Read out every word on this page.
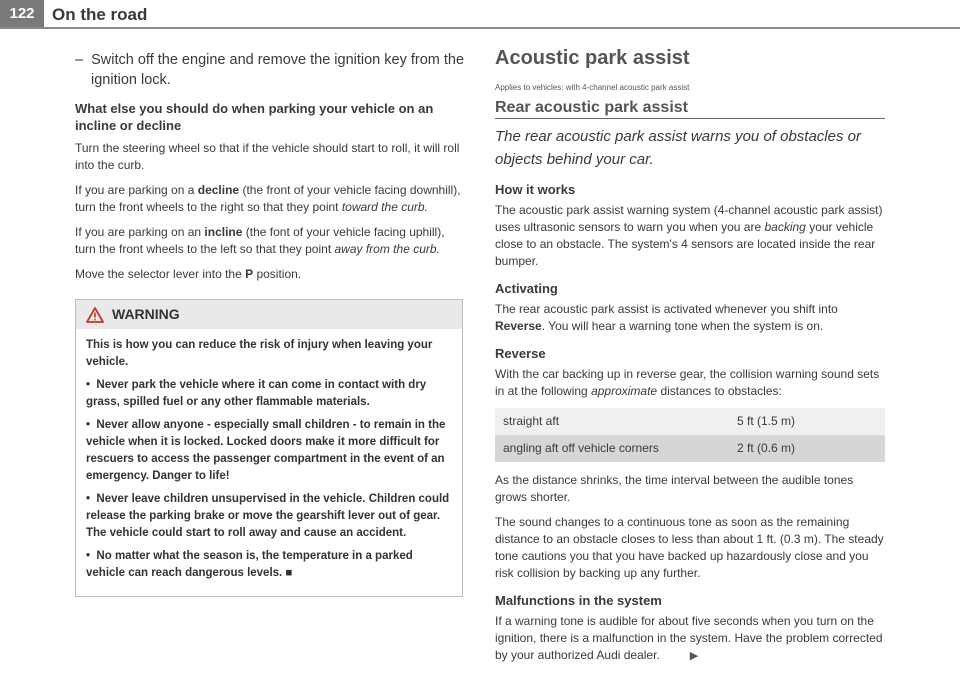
122	On the road

–  Switch off the engine and remove the ignition key from the ignition lock.

What else you should do when parking your vehicle on an incline or decline

Turn the steering wheel so that if the vehicle should start to roll, it will roll into the curb.

If you are parking on a decline (the front of your vehicle facing downhill), turn the front wheels to the right so that they point toward the curb.

If you are parking on an incline (the font of your vehicle facing uphill), turn the front wheels to the left so that they point away from the curb.

Move the selector lever into the P position.

WARNING

This is how you can reduce the risk of injury when leaving your vehicle.

•  Never park the vehicle where it can come in contact with dry grass, spilled fuel or any other flammable materials.

•  Never allow anyone - especially small children - to remain in the vehicle when it is locked. Locked doors make it more difficult for rescuers to access the passenger compartment in the event of an emergency. Danger to life!

•  Never leave children unsupervised in the vehicle. Children could release the parking brake or move the gearshift lever out of gear. The vehicle could start to roll away and cause an accident.

•  No matter what the season is, the temperature in a parked vehicle can reach dangerous levels. ■

Acoustic park assist
Applies to vehicles: with 4-channel acoustic park assist
Rear acoustic park assist
The rear acoustic park assist warns you of obstacles or objects behind your car.
How it works

The acoustic park assist warning system (4-channel acoustic park assist) uses ultrasonic sensors to warn you when you are backing your vehicle close to an obstacle. The system's 4 sensors are located inside the rear bumper.

Activating

The rear acoustic park assist is activated whenever you shift into Reverse. You will hear a warning tone when the system is on.

Reverse

With the car backing up in reverse gear, the collision warning sound sets in at the following approximate distances to obstacles:

straight aft	5 ft (1.5 m)
angling aft off vehicle corners	2 ft (0.6 m)

As the distance shrinks, the time interval between the audible tones grows shorter.

The sound changes to a continuous tone as soon as the remaining distance to an obstacle closes to less than about 1 ft. (0.3 m). The steady tone cautions you that you have backed up hazardously close and you risk collision by backing up any further.

Malfunctions in the system

If a warning tone is audible for about five seconds when you turn on the ignition, there is a malfunction in the system. Have the problem corrected by your authorized Audi dealer.	▶
